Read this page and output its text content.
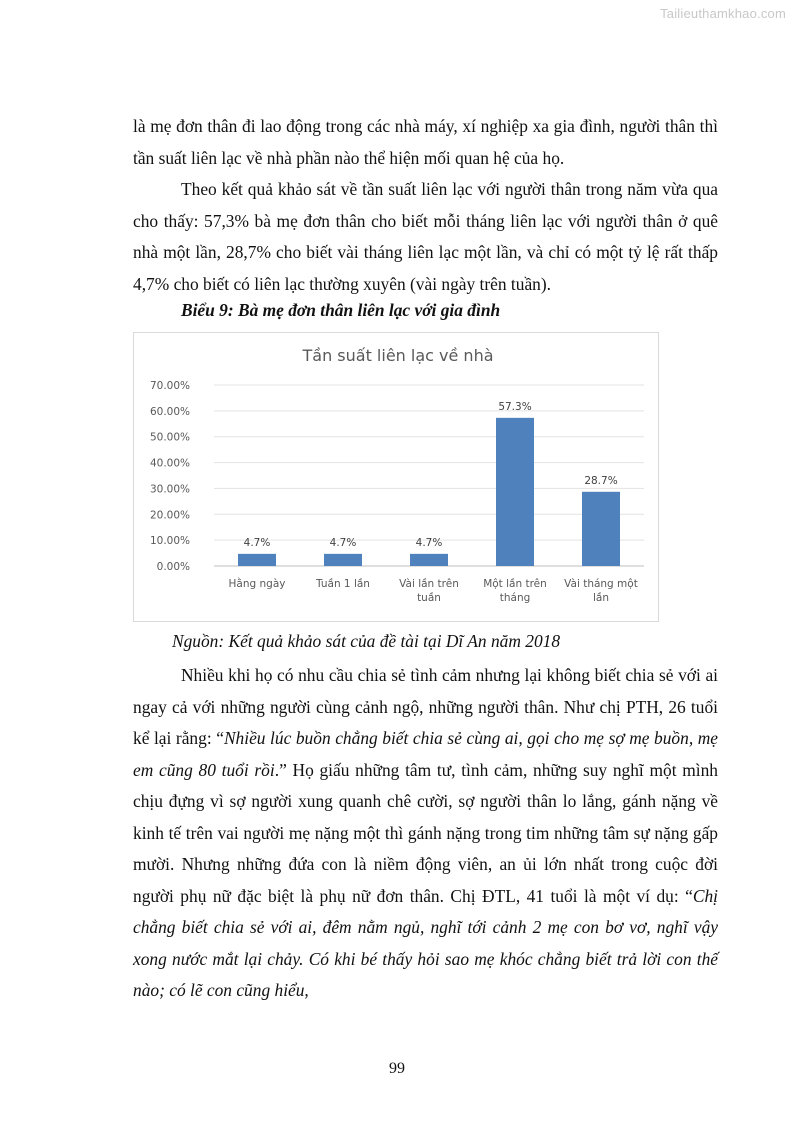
Tailieuthamkhao.com

là mẹ đơn thân đi lao động trong các nhà máy, xí nghiệp xa gia đình, người thân thì tần suất liên lạc về nhà phần nào thể hiện mối quan hệ của họ.

Theo kết quả khảo sát về tần suất liên lạc với người thân trong năm vừa qua cho thấy: 57,3% bà mẹ đơn thân cho biết mỗi tháng liên lạc với người thân ở quê nhà một lần, 28,7% cho biết vài tháng liên lạc một lần, và chỉ có một tỷ lệ rất thấp 4,7% cho biết có liên lạc thường xuyên (vài ngày trên tuần).

Biểu 9: Bà mẹ đơn thân liên lạc với gia đình
Tần suất liên lạc về nhà
0.00%
10.00%
20.00%
30.00%
40.00%
50.00%
60.00%
70.00%
4.7%	4.7%	4.7%
57.3%
28.7%
Hằng ngày	Tuần 1 lần	Vài lần trên
tuần
Một lần trên
tháng
Vài tháng một
lần
Nguồn: Kết quả khảo sát của đề tài tại Dĩ An năm 2018

Nhiều khi họ có nhu cầu chia sẻ tình cảm nhưng lại không biết chia sẻ với ai ngay cả với những người cùng cảnh ngộ, những người thân. Như chị PTH, 26 tuổi kể lại rằng: “Nhiều lúc buồn chẳng biết chia sẻ cùng ai, gọi cho mẹ sợ mẹ buồn, mẹ em cũng 80 tuổi rồi.” Họ giấu những tâm tư, tình cảm, những suy nghĩ một mình chịu đựng vì sợ người xung quanh chê cười, sợ người thân lo lắng, gánh nặng về kinh tế trên vai người mẹ nặng một thì gánh nặng trong tim những tâm sự nặng gấp mười. Nhưng những đứa con là niềm động viên, an ủi lớn nhất trong cuộc đời người phụ nữ đặc biệt là phụ nữ đơn thân. Chị ĐTL, 41 tuổi là một ví dụ: “Chị chẳng biết chia sẻ với ai, đêm nằm ngủ, nghĩ tới cảnh 2 mẹ con bơ vơ, nghĩ vậy xong nước mắt lại chảy. Có khi bé thấy hỏi sao mẹ khóc chẳng biết trả lời con thế nào; có lẽ con cũng hiểu,

99
